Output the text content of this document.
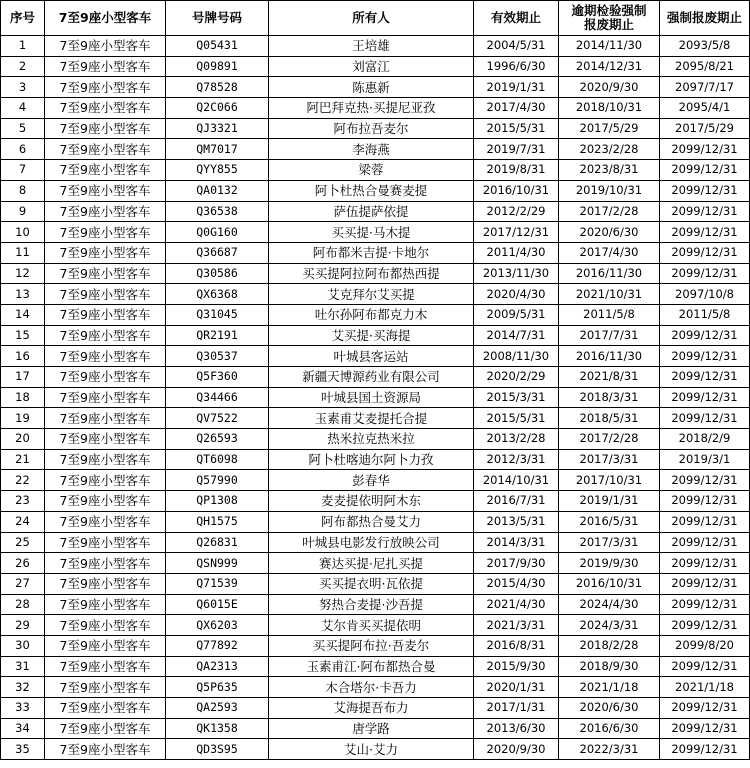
序号	7至9座小型客车	号牌号码	所有人	有效期止	逾期检验强制
报废期止	强制报废期止
1	7至9座小型客车	Q05431	王培雄	2004/5/31	2014/11/30	2093/5/8
2	7至9座小型客车	Q09891	刘富江	1996/6/30	2014/12/31	2095/8/21
3	7至9座小型客车	Q78528	陈惠新	2019/1/31	2020/9/30	2097/7/17
4	7至9座小型客车	Q2C066	阿巴拜克热·买提尼亚孜	2017/4/30	2018/10/31	2095/4/1
5	7至9座小型客车	QJ3321	阿布拉吾麦尔	2015/5/31	2017/5/29	2017/5/29
6	7至9座小型客车	QM7017	李海燕	2019/7/31	2023/2/28	2099/12/31
7	7至9座小型客车	QYY855	梁蓉	2019/8/31	2023/8/31	2099/12/31
8	7至9座小型客车	QA0132	阿卜杜热合曼赛麦提	2016/10/31	2019/10/31	2099/12/31
9	7至9座小型客车	Q36538	萨伍提萨依提	2012/2/29	2017/2/28	2099/12/31
10	7至9座小型客车	Q0G160	买买提·马木提	2017/12/31	2020/6/30	2099/12/31
11	7至9座小型客车	Q36687	阿布都米吉提·卡地尔	2011/4/30	2017/4/30	2099/12/31
12	7至9座小型客车	Q30586	买买提阿拉阿布都热西提	2013/11/30	2016/11/30	2099/12/31
13	7至9座小型客车	QX6368	艾克拜尔艾买提	2020/4/30	2021/10/31	2097/10/8
14	7至9座小型客车	Q31045	吐尔孙阿布都克力木	2009/5/31	2011/5/8	2011/5/8
15	7至9座小型客车	QR2191	艾买提·买海提	2014/7/31	2017/7/31	2099/12/31
16	7至9座小型客车	Q30537	叶城县客运站	2008/11/30	2016/11/30	2099/12/31
17	7至9座小型客车	Q5F360	新疆天博源药业有限公司	2020/2/29	2021/8/31	2099/12/31
18	7至9座小型客车	Q34466	叶城县国土资源局	2015/3/31	2018/3/31	2099/12/31
19	7至9座小型客车	QV7522	玉素甫艾麦提托合提	2015/5/31	2018/5/31	2099/12/31
20	7至9座小型客车	Q26593	热米拉克热米拉	2013/2/28	2017/2/28	2018/2/9
21	7至9座小型客车	QT6098	阿卜杜喀迪尔阿卜力孜	2012/3/31	2017/3/31	2019/3/1
22	7至9座小型客车	Q57990	彭春华	2014/10/31	2017/10/31	2099/12/31
23	7至9座小型客车	QP1308	麦麦提依明阿木东	2016/7/31	2019/1/31	2099/12/31
24	7至9座小型客车	QH1575	阿布都热合曼艾力	2013/5/31	2016/5/31	2099/12/31
25	7至9座小型客车	Q26831	叶城县电影发行放映公司	2014/3/31	2017/3/31	2099/12/31
26	7至9座小型客车	QSN999	赛达买提·尼扎买提	2017/9/30	2019/9/30	2099/12/31
27	7至9座小型客车	Q71539	买买提衣明·瓦依提	2015/4/30	2016/10/31	2099/12/31
28	7至9座小型客车	Q6015E	努热合麦提·沙吾提	2021/4/30	2024/4/30	2099/12/31
29	7至9座小型客车	QX6203	艾尔肯买买提依明	2021/3/31	2024/3/31	2099/12/31
30	7至9座小型客车	Q77892	买买提阿布拉·吾麦尔	2016/8/31	2018/2/28	2099/8/20
31	7至9座小型客车	QA2313	玉素甫江·阿布都热合曼	2015/9/30	2018/9/30	2099/12/31
32	7至9座小型客车	Q5P635	木合塔尔·卡吾力	2020/1/31	2021/1/18	2021/1/18
33	7至9座小型客车	QA2593	艾海提吾布力	2017/1/31	2020/6/30	2099/12/31
34	7至9座小型客车	QK1358	唐学路	2013/6/30	2016/6/30	2099/12/31
35	7至9座小型客车	QD3S95	艾山·艾力	2020/9/30	2022/3/31	2099/12/31
